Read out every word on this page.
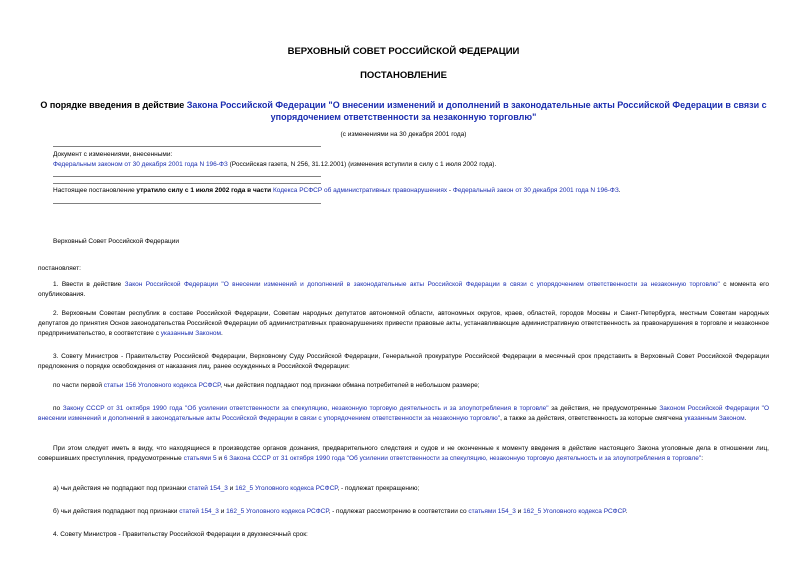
ВЕРХОВНЫЙ СОВЕТ РОССИЙСКОЙ ФЕДЕРАЦИИ
ПОСТАНОВЛЕНИЕ
О порядке введения в действие Закона Российской Федерации "О внесении изменений и дополнений в законодательные акты Российской Федерации в связи с упорядочением ответственности за незаконную торговлю"
(с изменениями на 30 декабря 2001 года)
Документ с изменениями, внесенными:
Федеральным законом от 30 декабря 2001 года N 196-ФЗ (Российская газета, N 256, 31.12.2001) (изменения вступили в силу с 1 июля 2002 года).
Настоящее постановление утратило силу с 1 июля 2002 года в части Кодекса РСФСР об административных правонарушениях - Федеральный закон от 30 декабря 2001 года N 196-ФЗ.
Верховный Совет Российской Федерации
постановляет:
1. Ввести в действие Закон Российской Федерации "О внесении изменений и дополнений в законодательные акты Российской Федерации в связи с упорядочением ответственности за незаконную торговлю" с момента его опубликования.
2. Верховным Советам республик в составе Российской Федерации, Советам народных депутатов автономной области, автономных округов, краев, областей, городов Москвы и Санкт-Петербурга, местным Советам народных депутатов до принятия Основ законодательства Российской Федерации об административных правонарушениях привести правовые акты, устанавливающие административную ответственность за правонарушения в торговле и незаконное предпринимательство, в соответствие с указанным Законом.
3. Совету Министров - Правительству Российской Федерации, Верховному Суду Российской Федерации, Генеральной прокуратуре Российской Федерации в месячный срок представить в Верховный Совет Российской Федерации предложения о порядке освобождения от наказания лиц, ранее осужденных в Российской Федерации:
по части первой статьи 156 Уголовного кодекса РСФСР, чьи действия подпадают под признаки обмана потребителей в небольшом размере;
по Закону СССР от 31 октября 1990 года "Об усилении ответственности за спекуляцию, незаконную торговую деятельность и за злоупотребления в торговле" за действия, не предусмотренные Законом Российской Федерации "О внесении изменений и дополнений в законодательные акты Российской Федерации в связи с упорядочением ответственности за незаконную торговлю", а также за действия, ответственность за которые смягчена указанным Законом.
При этом следует иметь в виду, что находящиеся в производстве органов дознания, предварительного следствия и судов и не оконченные к моменту введения в действие настоящего Закона уголовные дела в отношении лиц, совершивших преступления, предусмотренные статьями 5 и 6 Закона СССР от 31 октября 1990 года "Об усилении ответственности за спекуляцию, незаконную торговую деятельность и за злоупотребления в торговле":
а) чьи действия не подпадают под признаки статей 154_3 и 162_5 Уголовного кодекса РСФСР, - подлежат прекращению;
б) чьи действия подпадают под признаки статей 154_3 и 162_5 Уголовного кодекса РСФСР, - подлежат рассмотрению в соответствии со статьями 154_3 и 162_5 Уголовного кодекса РСФСР.
4. Совету Министров - Правительству Российской Федерации в двухмесячный срок:
